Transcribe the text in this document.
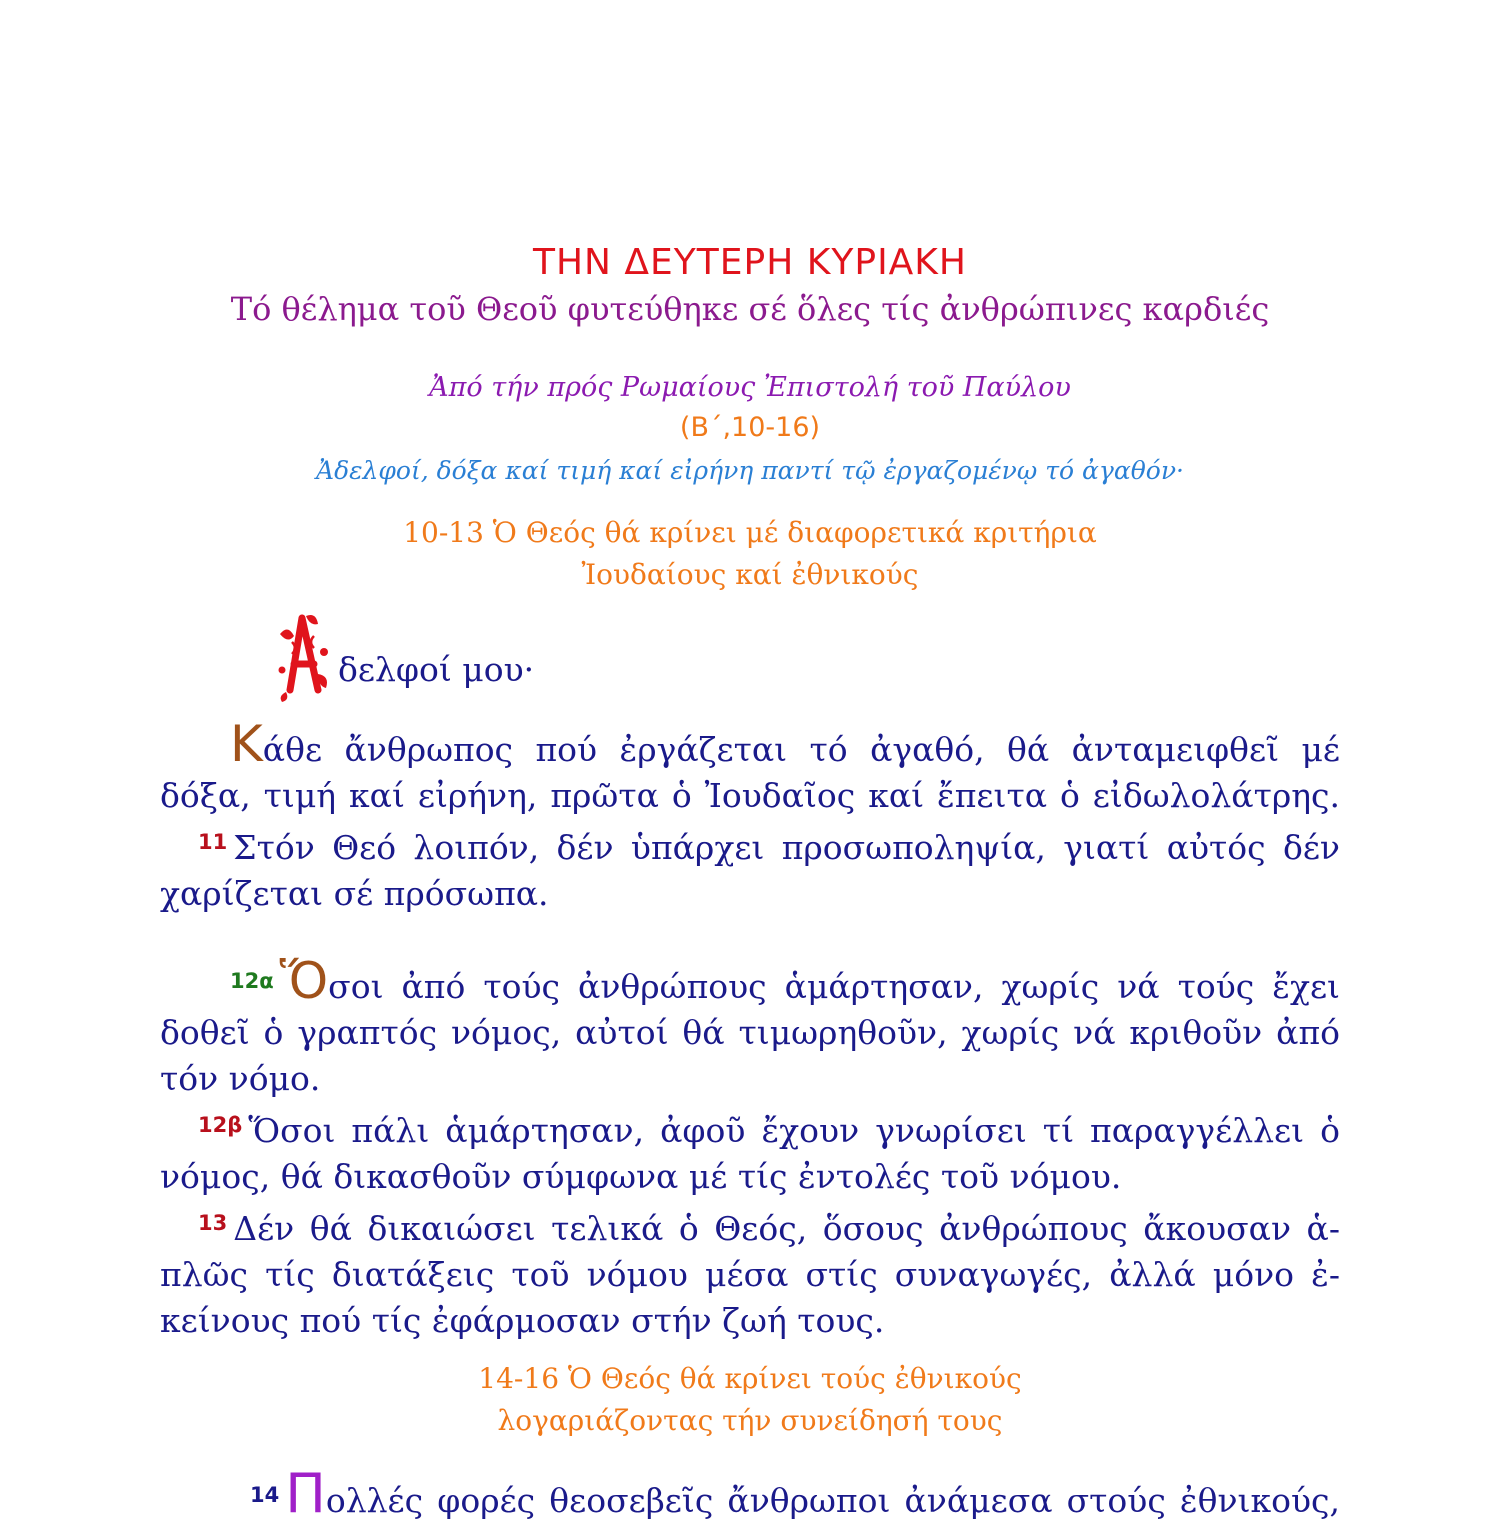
ΤΗΝ ΔΕΥΤΕΡΗ ΚΥΡΙΑΚΗ
Τό θέλημα τοῦ Θεοῦ φυτεύθηκε σέ ὅλες τίς ἀνθρώπινες καρδιές
Ἀπό τήν πρός Ρωμαίους Ἐπιστολή τοῦ Παύλου
(Β΄,10-16)
Ἀδελφοί, δόξα καί τιμή καί εἰρήνη παντί τῷ ἐργαζομένῳ τό ἀγαθόν·
10-13 Ὁ Θεός θά κρίνει μέ διαφορετικά κριτήρια
Ἰουδαίους καί ἐθνικούς
δελφοί μου·
Κάθε ἄνθρωπος πού ἐργάζεται τό ἀγαθό, θά ἀνταμειφθεῖ μέ
δόξα, τιμή καί εἰρήνη, πρῶτα ὁ Ἰουδαῖος καί ἔπειτα ὁ εἰδωλολάτρης.
$^{11}$ Στόν Θεό λοιπόν, δέν ὑπάρχει προσωποληψία, γιατί αὐτός δέν
χαρίζεται σέ πρόσωπα.
$^{12\alpha}$ Ὅσοι ἀπό τούς ἀνθρώπους ἁμάρτησαν, χωρίς νά τούς ἔχει
δοθεῖ ὁ γραπτός νόμος, αὐτοί θά τιμωρηθοῦν, χωρίς νά κριθοῦν ἀπό
τόν νόμο.
$^{12\beta}$ Ὅσοι πάλι ἁμάρτησαν, ἀφοῦ ἔχουν γνωρίσει τί παραγγέλλει ὁ
νόμος, θά δικασθοῦν σύμφωνα μέ τίς ἐντολές τοῦ νόμου.
$^{13}$ Δέν θά δικαιώσει τελικά ὁ Θεός, ὅσους ἀνθρώπους ἄκουσαν ἁ-
πλῶς τίς διατάξεις τοῦ νόμου μέσα στίς συναγωγές, ἀλλά μόνο ἐ-
κείνους πού τίς ἐφάρμοσαν στήν ζωή τους.
14-16 Ὁ Θεός θά κρίνει τούς ἐθνικούς
λογαριάζοντας τήν συνείδησή τους
$^{14}$ Πολλές φορές θεοσεβεῖς ἄνθρωποι ἀνάμεσα στούς ἐθνικούς,
